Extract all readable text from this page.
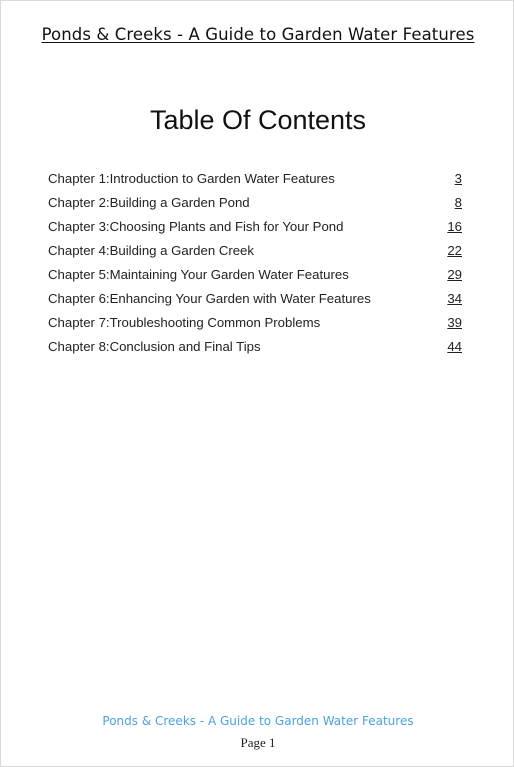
Ponds & Creeks - A Guide to Garden Water Features
Table Of Contents
Chapter 1:Introduction to Garden Water Features	3
Chapter 2:Building a Garden Pond	8
Chapter 3:Choosing Plants and Fish for Your Pond	16
Chapter 4:Building a Garden Creek	22
Chapter 5:Maintaining Your Garden Water Features	29
Chapter 6:Enhancing Your Garden with Water Features	34
Chapter 7:Troubleshooting Common Problems	39
Chapter 8:Conclusion and Final Tips	44
Ponds & Creeks - A Guide to Garden Water Features
Page 1
